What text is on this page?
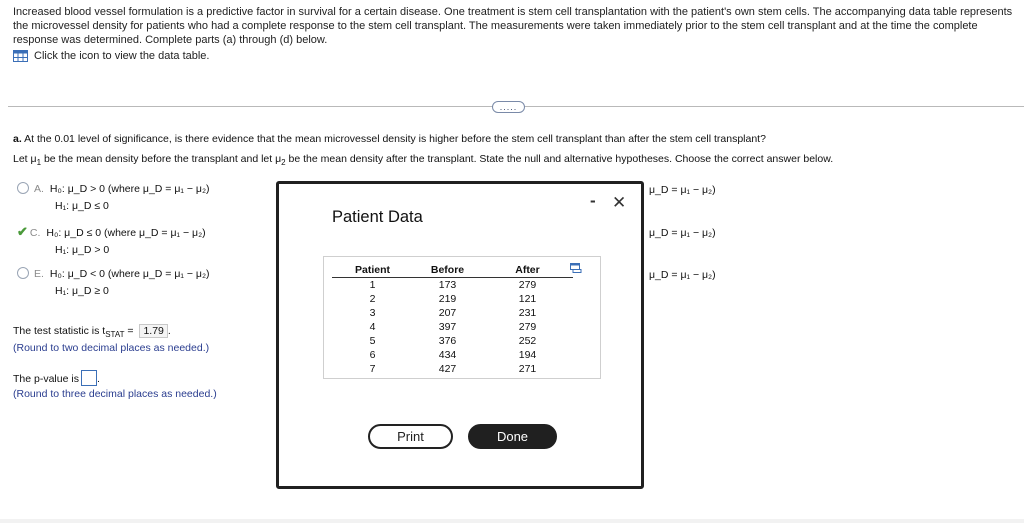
Increased blood vessel formulation is a predictive factor in survival for a certain disease. One treatment is stem cell transplantation with the patient's own stem cells. The accompanying data table represents the microvessel density for patients who had a complete response to the stem cell transplant. The measurements were taken immediately prior to the stem cell transplant and at the time the complete response was determined. Complete parts (a) through (d) below.
Click the icon to view the data table.
.....
a. At the 0.01 level of significance, is there evidence that the mean microvessel density is higher before the stem cell transplant than after the stem cell transplant?
Let $\mu_1$ be the mean density before the transplant and let $\mu_2$ be the mean density after the transplant. State the null and alternative hypotheses. Choose the correct answer below.
A. H₀: μ_D > 0 (where μ_D = μ₁ − μ₂)
H₁: μ_D ≤ 0
✔ C. H₀: μ_D ≤ 0 (where μ_D = μ₁ − μ₂)
H₁: μ_D > 0
E. H₀: μ_D < 0 (where μ_D = μ₁ − μ₂)
H₁: μ_D ≥ 0
μ_D = μ₁ − μ₂)
μ_D = μ₁ − μ₂)
μ_D = μ₁ − μ₂)
The test statistic is $t_{STAT} = 1.79$ .
(Round to two decimal places as needed.)
The p-value is .
(Round to three decimal places as needed.)
Patient Data
- ✕
Patient	Before	After
1	173	279
2	219	121
3	207	231
4	397	279
5	376	252
6	434	194
7	427	271
Print	Done
